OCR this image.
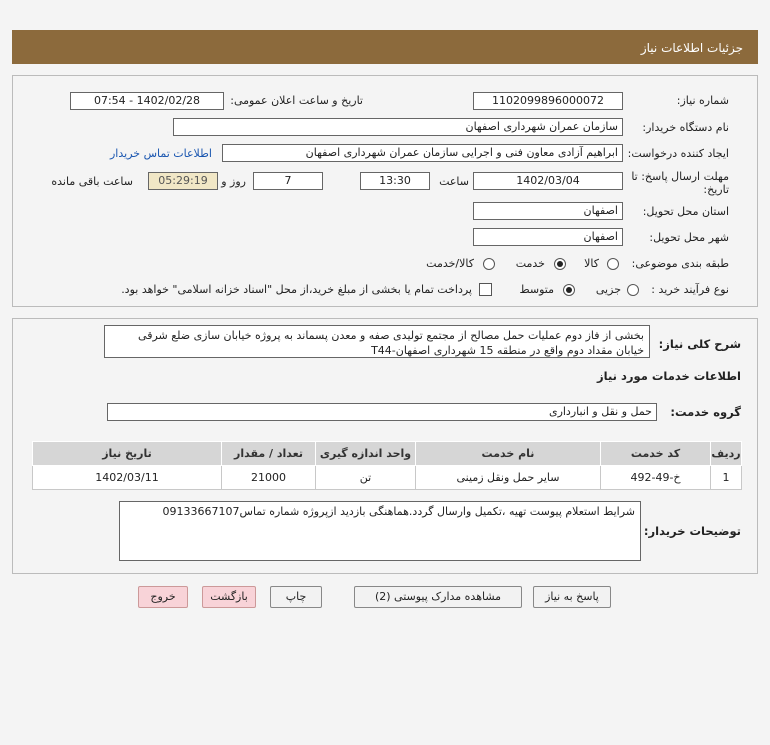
جزئیات اطلاعات نیاز
شماره نیاز:
1102099896000072
تاریخ و ساعت اعلان عمومی:
1402/02/28 - 07:54
نام دستگاه خریدار:
سازمان عمران شهرداری اصفهان
ایجاد کننده درخواست:
ابراهیم آزادی معاون فنی و اجرایی سازمان عمران شهرداری اصفهان
اطلاعات تماس خریدار
مهلت ارسال پاسخ: تا
تاریخ:
1402/03/04
ساعت
13:30
7
روز و
05:29:19
ساعت باقی مانده
استان محل تحویل:
اصفهان
شهر محل تحویل:
اصفهان
طبقه بندی موضوعی:
کالا
خدمت
کالا/خدمت
نوع فرآیند خرید :
جزیی
متوسط
پرداخت تمام یا بخشی از مبلغ خرید،از محل "اسناد خزانه اسلامی" خواهد بود.
شرح کلی نیاز:
بخشی از فاز دوم عملیات حمل مصالح از مجتمع تولیدی صفه و معدن پسماند به پروژه خیابان سازی ضلع شرقی خیابان مقداد دوم واقع در منطقه 15 شهرداری اصفهان-T44
اطلاعات خدمات مورد نیاز
گروه خدمت:
حمل و نقل و انبارداری
ردیف	کد خدمت	نام خدمت	واحد اندازه گیری	تعداد / مقدار	تاریخ نیاز
1	خ-49-492	سایر حمل ونقل زمینی	تن	21000	1402/03/11
توضیحات خریدار:
شرایط استعلام پیوست تهیه ،تکمیل وارسال گردد.هماهنگی بازدید ازپروژه شماره تماس09133667107
پاسخ به نیاز
مشاهده مدارک پیوستی (2)
چاپ
بازگشت
خروج
